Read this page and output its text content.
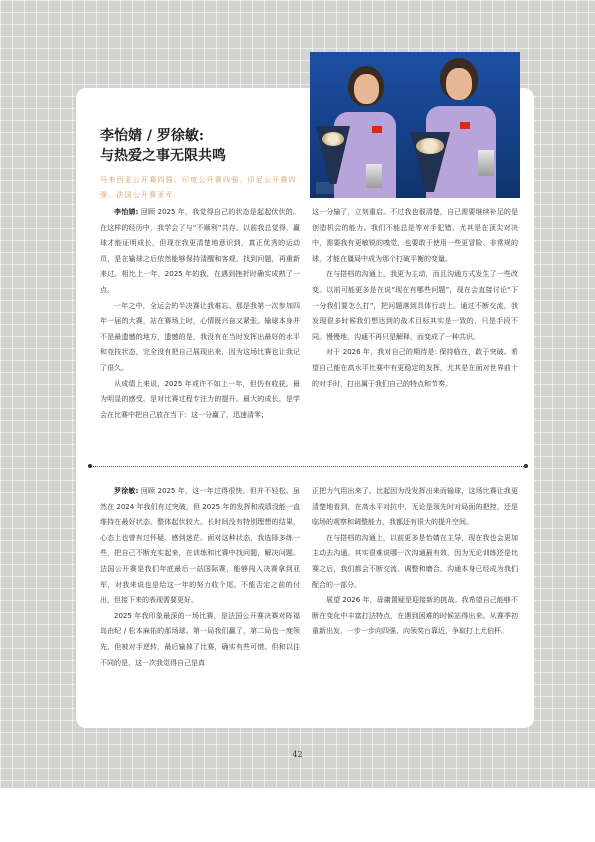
李怡婧 / 罗徐敏:
与热爱之事无限共鸣
马来西亚公开赛四强、印度公开赛四强、印尼公开赛四强、法国公开赛亚军

李怡婧: 回顾 2025 年，我觉得自己的状态是起起伏伏的。在这样的经历中，我学会了与“不顺利”共存。以前我总觉得，赢球才能证明成长，但现在我更清楚地意识到，真正优秀的运动员，是在输球之后依然能够保持清醒和客观，找到问题，再重新来过。相比上一年，2025 年的我，在遇到挫折时确实成熟了一点。

一年之中，全运会的半决赛让我难忘。那是我第一次参加四年一届的大赛，站在赛场上时，心情既兴奋又紧张。输球本身并不是最遗憾的地方，遗憾的是，我没有在当时发挥出最好的水平和竞技状态，完全没有把自己展现出来，因为这场比赛也让我记了很久。

从成绩上来说，2025 年或许不如上一年，但仍有收获。最为明显的感受，是对比赛过程专注力的提升。最大的成长，是学会在比赛中把自己放在当下：这一分赢了，迅速清零；

这一分输了，立刻重启。不过我也很清楚，自己需要继续补足的是创造机会的能力。我们不能总是等对手犯错，尤其是在顶尖对决中，需要我有更敏锐的嗅觉，也要敢于使用一些更冒险、非常规的球，才能在僵局中成为那个打破平衡的变量。

在与搭档的沟通上，我更为主动，而且沟通方式发生了一些改变。以前可能更多是在说“现在有哪些问题”，现在会直接讨论“下一分我们要怎么打”，把问题落到具体行动上。通过不断交流，我发现很多时候我们想达到的战术目标其实是一致的，只是手段不同。慢慢地，沟通不再只是解释，而变成了一种共识。

对于 2026 年，我对自己的期待是: 保持临在，敢于突破。希望自己能在高水平比赛中有更稳定的发挥，尤其是在面对世界前十的对手时，打出属于我们自己的特点和节奏。

罗徐敏: 回顾 2025 年，这一年过得很快，但并不轻松。虽然在 2024 年我们有过突破，但 2025 年的发挥和成绩没能一直维持在最好状态，整体起伏较大。长时间没有特别理想的结果，心态上也曾有过怀疑、感到迷茫。面对这种状态，我选择多练一些，把自己不断充实起来，在训练和比赛中找问题，解决问题。法国公开赛是我们年底最后一站国际赛，能够闯入决赛拿到亚军，对我来说也是给这一年的努力收个尾。不能否定之前的付出，但接下来的表现需要更好。

2025 年我印象最深的一场比赛，是法国公开赛决赛对阵福岛由纪 / 松本麻佑的那场球。第一局我们赢了，第二局也一度领先，但被对手逆转，最后输掉了比赛，确实有些可惜。但和以往不同的是，这一次我觉得自己是真

正把力气用出来了。比起因为没发挥出来而输球，这场比赛让我更清楚地看到，在高水平对抗中，无论是领先时对局面的把控，还是临场的观察和调整能力，我都还有很大的提升空间。

在与搭档的沟通上，以前更多是怡婧在主导，现在我也会更加主动去沟通。其实很难说哪一次沟通最有效，因为无论训练还是比赛之后，我们都会不断交流、调整和磨合，沟通本身已经成为我们配合的一部分。

展望 2026 年，毋庸置疑是迎接新的挑战。我希望自己能够不断在变化中丰富打法特点，在遇到困难的时候站得出来。从赛季初重新出发，一步一步向四强、向领奖台靠近，争取打上尤伯杯。

42
